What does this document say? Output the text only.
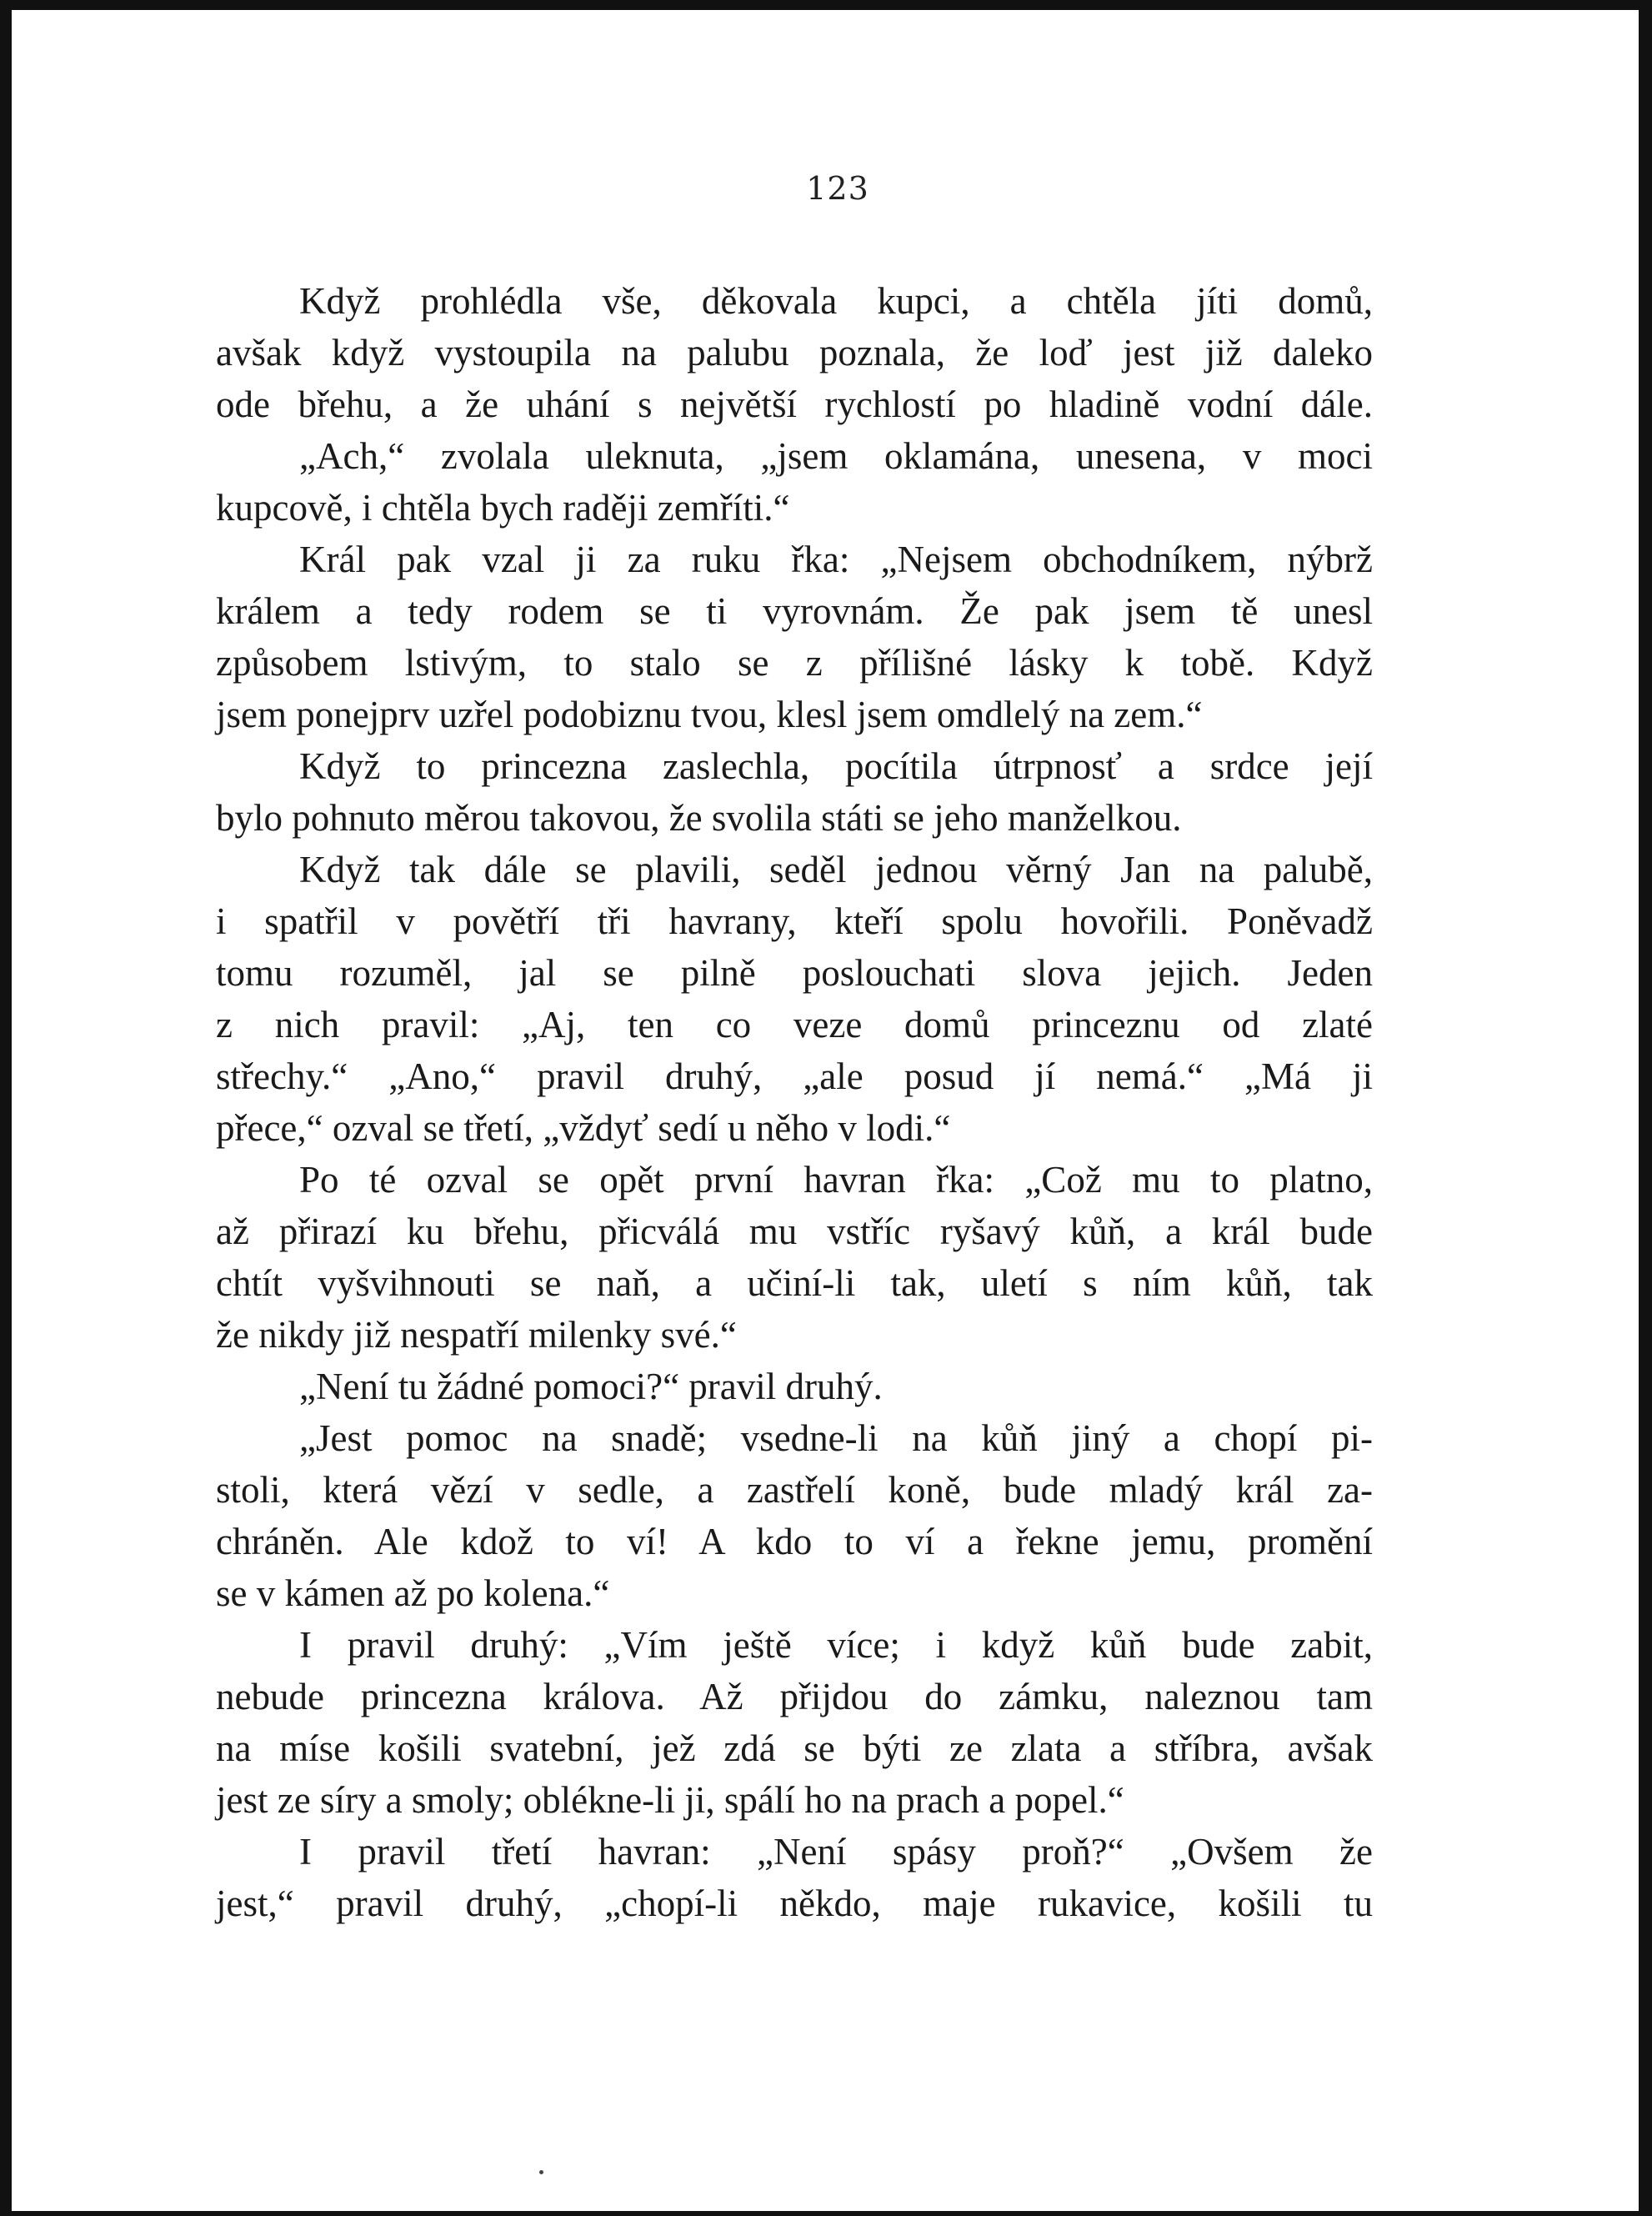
123
Když prohlédla vše, děkovala kupci, a chtěla jíti domů,
avšak když vystoupila na palubu poznala, že loď jest již daleko
ode břehu, a že uhání s největší rychlostí po hladině vodní dále.
„Ach,“ zvolala uleknuta, „jsem oklamána, unesena, v moci
kupcově, i chtěla bych raději zemříti.“
Král pak vzal ji za ruku řka: „Nejsem obchodníkem, nýbrž
králem a tedy rodem se ti vyrovnám. Že pak jsem tě unesl
způsobem lstivým, to stalo se z přílišné lásky k tobě. Když
jsem ponejprv uzřel podobiznu tvou, klesl jsem omdlelý na zem.“
Když to princezna zaslechla, pocítila útrpnosť a srdce její
bylo pohnuto měrou takovou, že svolila státi se jeho manželkou.
Když tak dále se plavili, seděl jednou věrný Jan na palubě,
i spatřil v povětří tři havrany, kteří spolu hovořili. Poněvadž
tomu rozuměl, jal se pilně poslouchati slova jejich. Jeden
z nich pravil: „Aj, ten co veze domů princeznu od zlaté
střechy.“ „Ano,“ pravil druhý, „ale posud jí nemá.“ „Má ji
přece,“ ozval se třetí, „vždyť sedí u něho v lodi.“
Po té ozval se opět první havran řka: „Což mu to platno,
až přirazí ku břehu, přicválá mu vstříc ryšavý kůň, a král bude
chtít vyšvihnouti se naň, a učiní-li tak, uletí s ním kůň, tak
že nikdy již nespatří milenky své.“
„Není tu žádné pomoci?“ pravil druhý.
„Jest pomoc na snadě; vsedne-li na kůň jiný a chopí pi-
stoli, která vězí v sedle, a zastřelí koně, bude mladý král za-
chráněn. Ale kdož to ví! A kdo to ví a řekne jemu, promění
se v kámen až po kolena.“
I pravil druhý: „Vím ještě více; i když kůň bude zabit,
nebude princezna králova. Až přijdou do zámku, naleznou tam
na míse košili svatební, jež zdá se býti ze zlata a stříbra, avšak
jest ze síry a smoly; oblékne-li ji, spálí ho na prach a popel.“
I pravil třetí havran: „Není spásy proň?“ „Ovšem že
jest,“ pravil druhý, „chopí-li někdo, maje rukavice, košili tu
